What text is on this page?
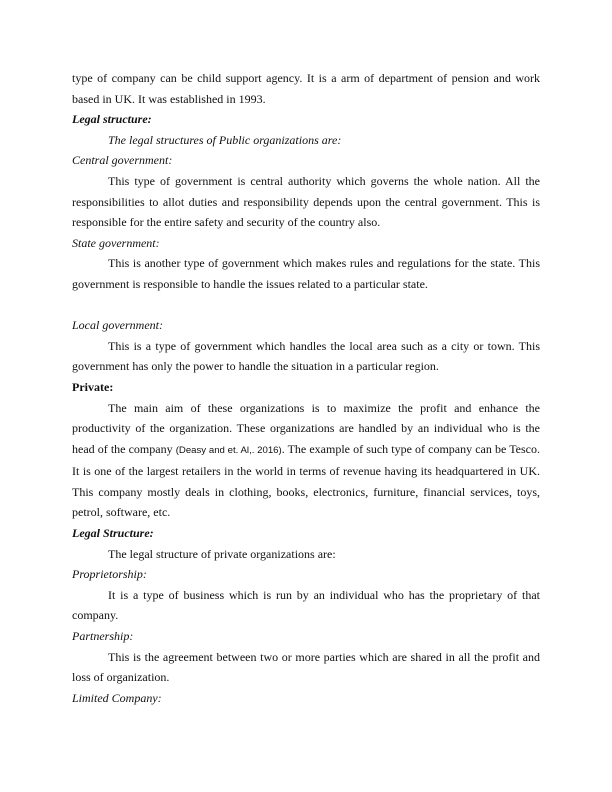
type of company can be child support agency. It is a arm of department of pension and work based in UK. It was established in 1993.

Legal structure:

The legal structures of Public organizations are:

Central government:

This type of government is central authority which governs the whole nation. All the responsibilities to allot duties and responsibility depends upon the central government. This is responsible for the entire safety and security of the country also.

State government:

This is another type of government which makes rules and regulations for the state. This government is responsible to handle the issues related to a particular state.

Local government:

This is a type of government which handles the local area such as a city or town. This government has only the power to handle the situation in a particular region.

Private:

The main aim of these organizations is to maximize the profit and enhance the productivity of the organization. These organizations are handled by an individual who is the head of the company (Deasy and et. Al,. 2016). The example of such type of company can be Tesco. It is one of the largest retailers in the world in terms of revenue having its headquartered in UK. This company mostly deals in clothing, books, electronics, furniture, financial services, toys, petrol, software, etc.

Legal Structure:

The legal structure of private organizations are:

Proprietorship:

It is a type of business which is run by an individual who has the proprietary of that company.

Partnership:

This is the agreement between two or more parties which are shared in all the profit and loss of organization.

Limited Company:
